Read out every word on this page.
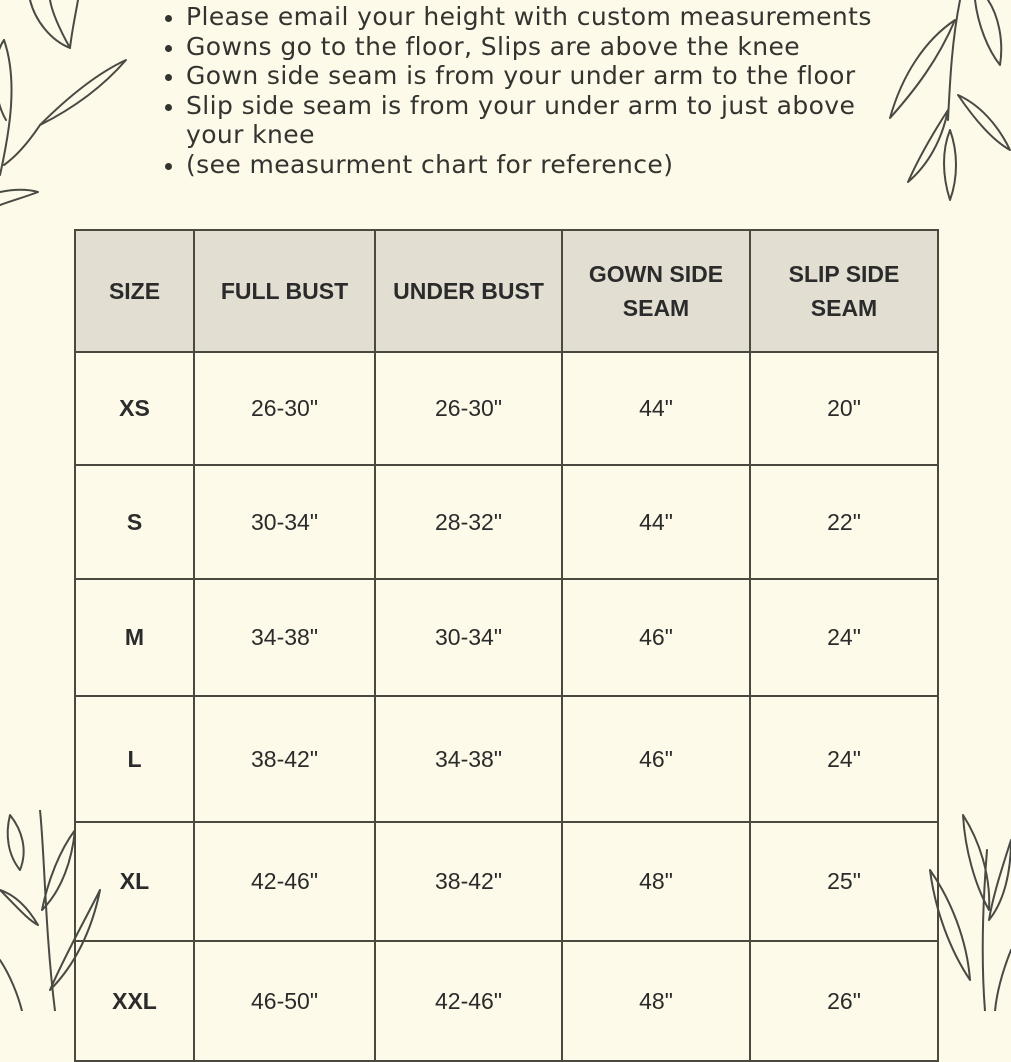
Please email your height with custom measurements
Gowns go to the floor, Slips are above the knee
Gown side seam is from your under arm to the floor
Slip side seam is from your under arm to just above your knee
(see measurment chart for reference)
SIZE	FULL BUST	UNDER BUST	GOWN SIDE SEAM	SLIP SIDE SEAM
XS	26-30"	26-30"	44"	20"
S	30-34"	28-32"	44"	22"
M	34-38"	30-34"	46"	24"
L	38-42"	34-38"	46"	24"
XL	42-46"	38-42"	48"	25"
XXL	46-50"	42-46"	48"	26"
